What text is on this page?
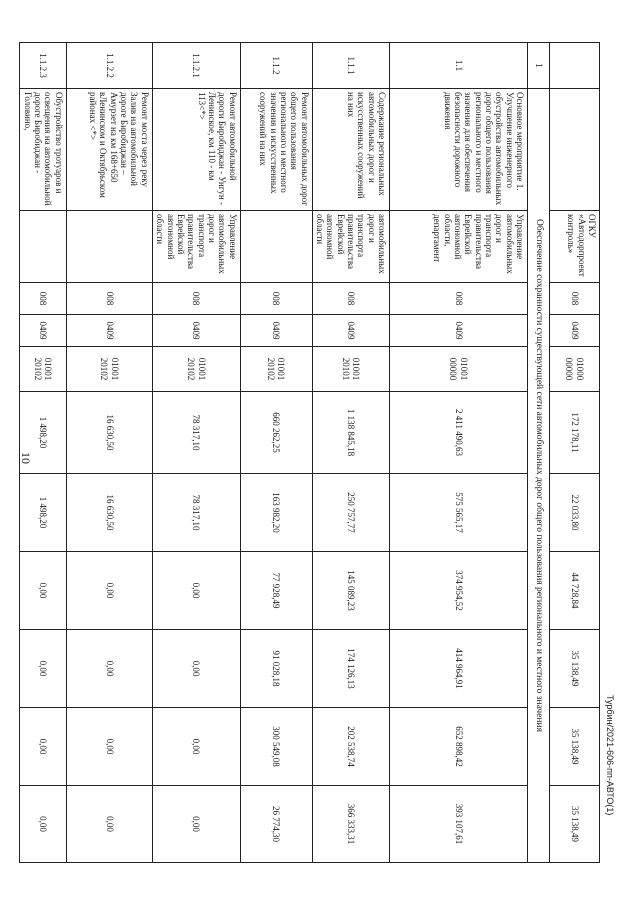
10
		ОГКУ «Автодорпроект контроль»	008	0409	01000 00000	172 178,11	22 033,80	44 728,84	35 138,49	35 138,49	35 138,49
1	Обеспечение сохранности существующей сети автомобильных дорог общего пользования регионального и местного значения										
1.1	Основное мероприятие 1. Улучшение инженерного обустройства автомобильных дорог общего пользования регионального и местного значения для обеспечения безопасности дорожного движения	Управление автомобильных дорог и транспорта правительства Еврейской автономной области, департамент	008	0409	01001 00000	2 411 490,63	575 565,17	374 954,52	414 964,91	652 898,42	393 107,61
1.1.1	Содержание региональных автомобильных дорог и искусственных сооружений на них	автомобильных дорог и транспорта правительства Еврейской автономной области	008	0409	01001 20101	1 138 845,18	250 757,77	145 089,23	174 126,13	202 538,74	366 333,31
1.1.2	Ремонт автомобильных дорог общего пользования регионального и местного значения и искусственных сооружений на них		008	0409	01001 20102	660 262,25	163 982,20	77 928,49	91 028,18	300 549,08	26 774,30
1.1.2.1	Ремонт автомобильной дороги Биробиджан - Унгун - Ленинское, км 110 - км 113<*>	Управление автомобильных дорог и транспорта правительства Еврейской автономной области	008	0409	01001 20102	78 317,10	78 317,10	0,00	0,00	0,00	0,00
1.1.2.2	Ремонт моста через реку Залив на автомобильной дороге Биробиджан – Амурзет на км 168+650 вЛенинском и Октябрьском районах <*>		008	0409	01001 20102	16 630,50	16 630,50	0,00	0,00	0,00	0,00
1.1.2.3	Обустройство тротуаров и освещения на автомобильной дороге Биробиджан - Головино,		008	0409	01001 20102	1 498,20	1 498,20	0,00	0,00	0,00	0,00
Турбин/2021-606-пп-АВТО(1)
